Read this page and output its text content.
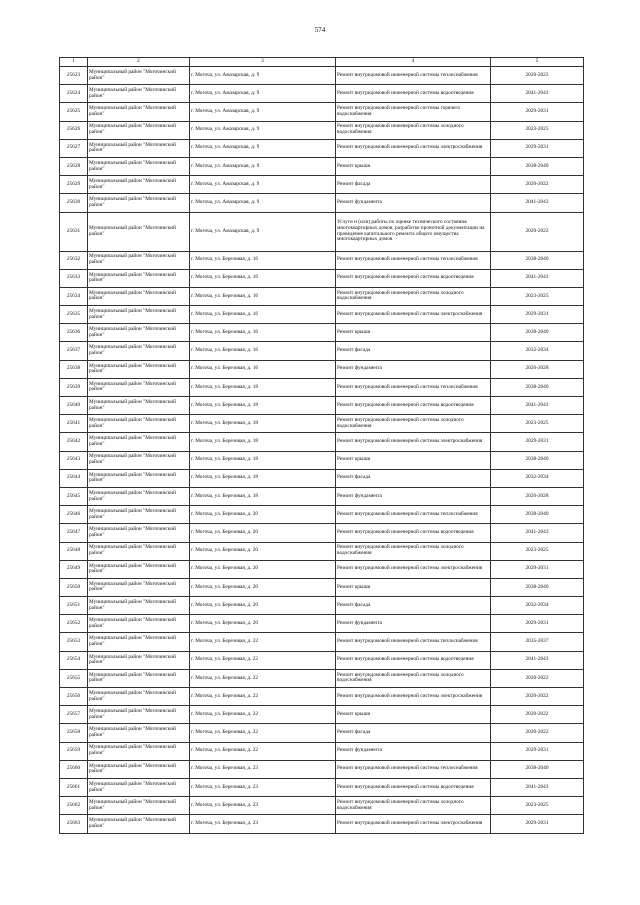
574
1	2	3	4	5
25623	Муниципальный район "Могочинский район"	г. Могоча, ул. Амазарская, д. 9	Ремонт внутридомовой инженерной системы теплоснабжения	2020-2022
25624	Муниципальный район "Могочинский район"	г. Могоча, ул. Амазарская, д. 9	Ремонт внутридомовой инженерной системы водоотведения	2041-2043
25625	Муниципальный район "Могочинский район"	г. Могоча, ул. Амазарская, д. 9	Ремонт внутридомовой инженерной системы горячего водоснабжения	2029-2031
25626	Муниципальный район "Могочинский район"	г. Могоча, ул. Амазарская, д. 9	Ремонт внутридомовой инженерной системы холодного водоснабжения	2023-2025
25627	Муниципальный район "Могочинский район"	г. Могоча, ул. Амазарская, д. 9	Ремонт внутридомовой инженерной системы электроснабжения	2029-2031
25628	Муниципальный район "Могочинский район"	г. Могоча, ул. Амазарская, д. 9	Ремонт крыши	2038-2040
25629	Муниципальный район "Могочинский район"	г. Могоча, ул. Амазарская, д. 9	Ремонт фасада	2020-2022
25630	Муниципальный район "Могочинский район"	г. Могоча, ул. Амазарская, д. 9	Ремонт фундамента	2041-2043
25631	Муниципальный район "Могочинский район"	г. Могоча, ул. Амазарская, д. 9	Услуги и (или) работы по оценке технического состояния многоквартирных домов, разработке проектной документации на проведение капитального ремонта общего имущества многоквартирных домов	2020-2022
25632	Муниципальный район "Могочинский район"	г. Могоча, ул. Березовая, д. 16	Ремонт внутридомовой инженерной системы теплоснабжения	2038-2040
25633	Муниципальный район "Могочинский район"	г. Могоча, ул. Березовая, д. 16	Ремонт внутридомовой инженерной системы водоотведения	2041-2043
25634	Муниципальный район "Могочинский район"	г. Могоча, ул. Березовая, д. 16	Ремонт внутридомовой инженерной системы холодного водоснабжения	2023-2025
25635	Муниципальный район "Могочинский район"	г. Могоча, ул. Березовая, д. 16	Ремонт внутридомовой инженерной системы электроснабжения	2029-2031
25636	Муниципальный район "Могочинский район"	г. Могоча, ул. Березовая, д. 16	Ремонт крыши	2038-2040
25637	Муниципальный район "Могочинский район"	г. Могоча, ул. Березовая, д. 16	Ремонт фасада	2032-2034
25638	Муниципальный район "Могочинский район"	г. Могоча, ул. Березовая, д. 16	Ремонт фундамента	2026-2028
25639	Муниципальный район "Могочинский район"	г. Могоча, ул. Березовая, д. 18	Ремонт внутридомовой инженерной системы теплоснабжения	2038-2040
25640	Муниципальный район "Могочинский район"	г. Могоча, ул. Березовая, д. 18	Ремонт внутридомовой инженерной системы водоотведения	2041-2043
25641	Муниципальный район "Могочинский район"	г. Могоча, ул. Березовая, д. 18	Ремонт внутридомовой инженерной системы холодного водоснабжения	2023-2025
25642	Муниципальный район "Могочинский район"	г. Могоча, ул. Березовая, д. 18	Ремонт внутридомовой инженерной системы электроснабжения	2029-2031
25643	Муниципальный район "Могочинский район"	г. Могоча, ул. Березовая, д. 18	Ремонт крыши	2038-2040
25644	Муниципальный район "Могочинский район"	г. Могоча, ул. Березовая, д. 18	Ремонт фасада	2032-2034
25645	Муниципальный район "Могочинский район"	г. Могоча, ул. Березовая, д. 18	Ремонт фундамента	2026-2028
25646	Муниципальный район "Могочинский район"	г. Могоча, ул. Березовая, д. 20	Ремонт внутридомовой инженерной системы теплоснабжения	2038-2040
25647	Муниципальный район "Могочинский район"	г. Могоча, ул. Березовая, д. 20	Ремонт внутридомовой инженерной системы водоотведения	2041-2043
25648	Муниципальный район "Могочинский район"	г. Могоча, ул. Березовая, д. 20	Ремонт внутридомовой инженерной системы холодного водоснабжения	2023-2025
25649	Муниципальный район "Могочинский район"	г. Могоча, ул. Березовая, д. 20	Ремонт внутридомовой инженерной системы электроснабжения	2029-2031
25650	Муниципальный район "Могочинский район"	г. Могоча, ул. Березовая, д. 20	Ремонт крыши	2038-2040
25651	Муниципальный район "Могочинский район"	г. Могоча, ул. Березовая, д. 20	Ремонт фасада	2032-2034
25652	Муниципальный район "Могочинский район"	г. Могоча, ул. Березовая, д. 20	Ремонт фундамента	2029-2031
25653	Муниципальный район "Могочинский район"	г. Могоча, ул. Березовая, д. 22	Ремонт внутридомовой инженерной системы теплоснабжения	2035-2037
25654	Муниципальный район "Могочинский район"	г. Могоча, ул. Березовая, д. 22	Ремонт внутридомовой инженерной системы водоотведения	2041-2043
25655	Муниципальный район "Могочинский район"	г. Могоча, ул. Березовая, д. 22	Ремонт внутридомовой инженерной системы холодного водоснабжения	2020-2022
25656	Муниципальный район "Могочинский район"	г. Могоча, ул. Березовая, д. 22	Ремонт внутридомовой инженерной системы электроснабжения	2020-2022
25657	Муниципальный район "Могочинский район"	г. Могоча, ул. Березовая, д. 22	Ремонт крыши	2020-2022
25658	Муниципальный район "Могочинский район"	г. Могоча, ул. Березовая, д. 22	Ремонт фасада	2020-2022
25659	Муниципальный район "Могочинский район"	г. Могоча, ул. Березовая, д. 22	Ремонт фундамента	2029-2031
25660	Муниципальный район "Могочинский район"	г. Могоча, ул. Березовая, д. 23	Ремонт внутридомовой инженерной системы теплоснабжения	2038-2040
25661	Муниципальный район "Могочинский район"	г. Могоча, ул. Березовая, д. 23	Ремонт внутридомовой инженерной системы водоотведения	2041-2043
25662	Муниципальный район "Могочинский район"	г. Могоча, ул. Березовая, д. 23	Ремонт внутридомовой инженерной системы холодного водоснабжения	2023-2025
25663	Муниципальный район "Могочинский район"	г. Могоча, ул. Березовая, д. 23	Ремонт внутридомовой инженерной системы электроснабжения	2029-2031
